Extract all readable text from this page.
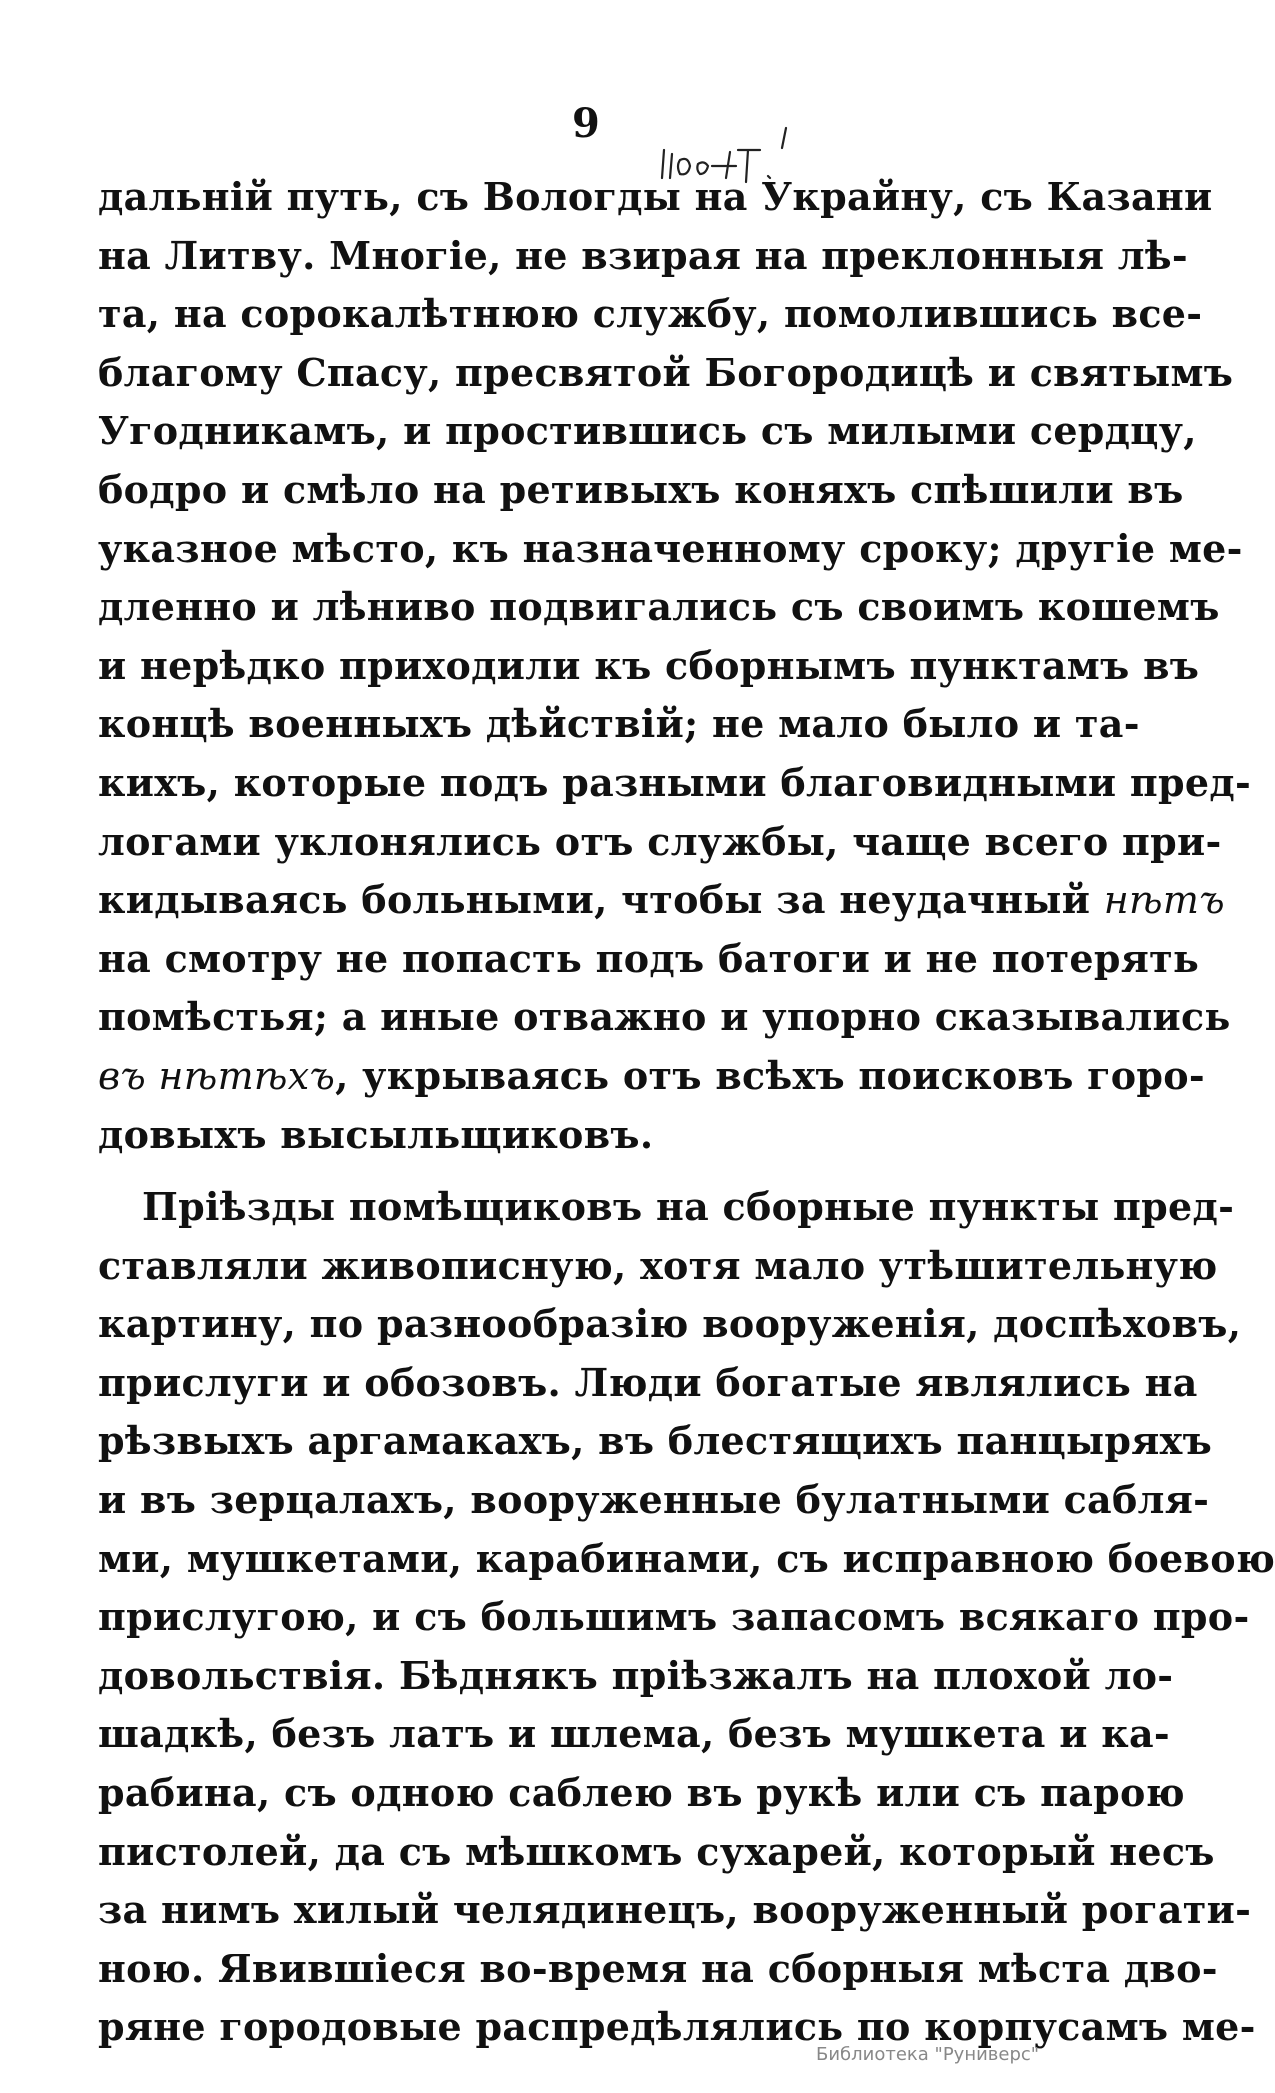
9
дальній путь, съ Вологды на Украйну, съ Казани
на Литву. Многіе, не взирая на преклонныя лѣ-
та, на сорокалѣтнюю службу, помолившись все-
благому Спасу, пресвятой Богородицѣ и святымъ
Угодникамъ, и простившись съ милыми сердцу,
бодро и смѣло на ретивыхъ коняхъ спѣшили въ
указное мѣсто, къ назначенному сроку; другіе ме-
дленно и лѣниво подвигались съ своимъ кошемъ
и нерѣдко приходили къ сборнымъ пунктамъ въ
концѣ военныхъ дѣйствій; не мало было и та-
кихъ, которые подъ разными благовидными пред-
логами уклонялись отъ службы, чаще всего при-
кидываясь больными, чтобы за неудачный нѣтъ
на смотру не попасть подъ батоги и не потерять
помѣстья; а иные отважно и упорно сказывались
въ нѣтѣхъ, укрываясь отъ всѣхъ поисковъ горо-
довыхъ высыльщиковъ.
Пріѣзды помѣщиковъ на сборные пункты пред-
ставляли живописную, хотя мало утѣшительную
картину, по разнообразію вооруженія, доспѣховъ,
прислуги и обозовъ. Люди богатые являлись на
рѣзвыхъ аргамакахъ, въ блестящихъ панцыряхъ
и въ зерцалахъ, вооруженные булатными сабля-
ми, мушкетами, карабинами, съ исправною боевою
прислугою, и съ большимъ запасомъ всякаго про-
довольствія. Бѣднякъ пріѣзжалъ на плохой ло-
шадкѣ, безъ латъ и шлема, безъ мушкета и ка-
рабина, съ одною саблею въ рукѣ или съ парою
пистолей, да съ мѣшкомъ сухарей, который несъ
за нимъ хилый челядинецъ, вооруженный рогати-
ною. Явившіеся во-время на сборныя мѣста дво-
ряне городовые распредѣлялись по корпусамъ ме-
Библиотека "Руниверс"
